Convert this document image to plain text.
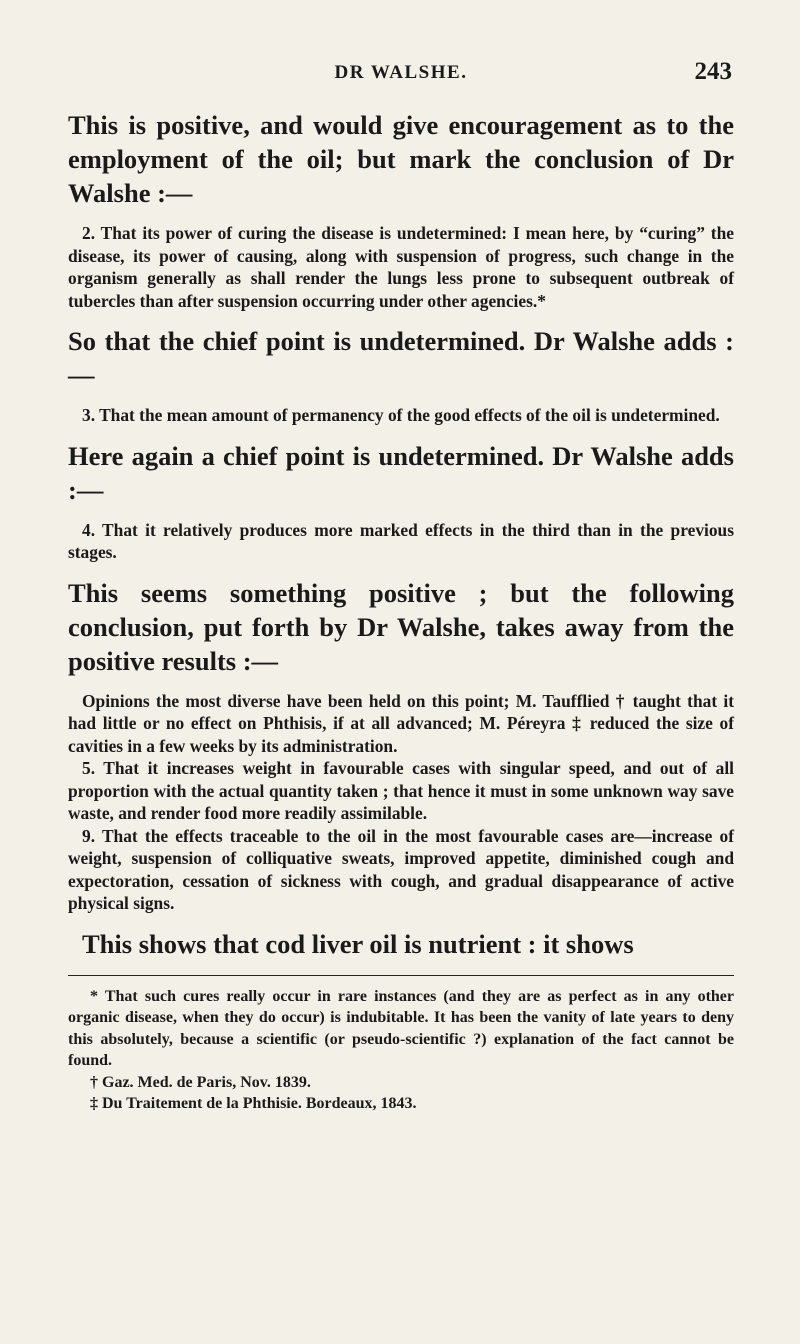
DR WALSHE.	243

This is positive, and would give encouragement as to the employment of the oil; but mark the conclusion of Dr Walshe :—

2. That its power of curing the disease is undetermined: I mean here, by “curing” the disease, its power of causing, along with suspension of progress, such change in the organism generally as shall render the lungs less prone to subsequent outbreak of tubercles than after suspension occurring under other agencies.*

So that the chief point is undetermined. Dr Walshe adds :—

3. That the mean amount of permanency of the good effects of the oil is undetermined.

Here again a chief point is undetermined. Dr Walshe adds :—

4. That it relatively produces more marked effects in the third than in the previous stages.

This seems something positive ; but the following conclusion, put forth by Dr Walshe, takes away from the positive results :—

Opinions the most diverse have been held on this point; M. Taufflied † taught that it had little or no effect on Phthisis, if at all advanced; M. Péreyra ‡ reduced the size of cavities in a few weeks by its administration.

5. That it increases weight in favourable cases with singular speed, and out of all proportion with the actual quantity taken ; that hence it must in some unknown way save waste, and render food more readily assimilable.

9. That the effects traceable to the oil in the most favourable cases are—increase of weight, suspension of colliquative sweats, improved appetite, diminished cough and expectoration, cessation of sickness with cough, and gradual disappearance of active physical signs.

This shows that cod liver oil is nutrient : it shows

* That such cures really occur in rare instances (and they are as perfect as in any other organic disease, when they do occur) is indubitable. It has been the vanity of late years to deny this absolutely, because a scientific (or pseudo-scientific ?) explanation of the fact cannot be found.

† Gaz. Med. de Paris, Nov. 1839.

‡ Du Traitement de la Phthisie. Bordeaux, 1843.
